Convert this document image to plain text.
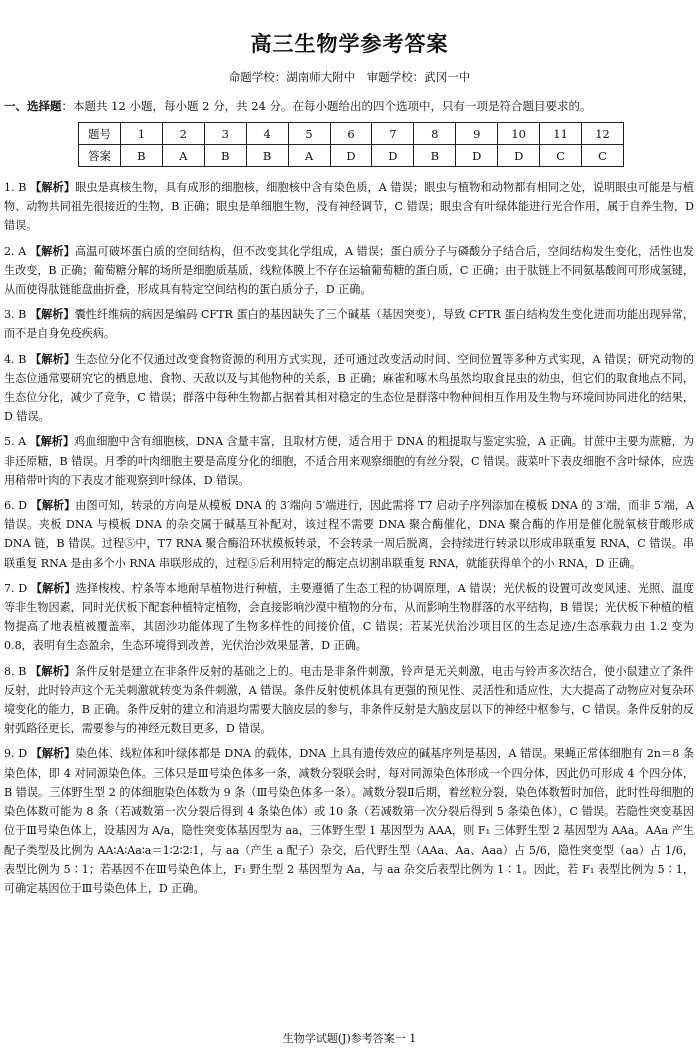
高三生物学参考答案
命题学校：湖南师大附中　审题学校：武冈一中
一、选择题：本题共 12 小题，每小题 2 分，共 24 分。在每小题给出的四个选项中，只有一项是符合题目要求的。
题号	1	2	3	4	5	6	7	8	9	10	11	12
答案	B	A	B	B	A	D	D	B	D	D	C	C
1. B 【解析】眼虫是真核生物，具有成形的细胞核，细胞核中含有染色质，A 错误；眼虫与植物和动物都有相同之处，说明眼虫可能是与植物、动物共同祖先很接近的生物，B 正确；眼虫是单细胞生物，没有神经调节，C 错误；眼虫含有叶绿体能进行光合作用，属于自养生物，D 错误。
2. A 【解析】高温可破坏蛋白质的空间结构，但不改变其化学组成，A 错误；蛋白质分子与磷酸分子结合后，空间结构发生变化，活性也发生改变，B 正确；葡萄糖分解的场所是细胞质基质，线粒体膜上不存在运输葡萄糖的蛋白质，C 正确；由于肽链上不同氨基酸间可形成氢键，从而使得肽链能盘曲折叠，形成具有特定空间结构的蛋白质分子，D 正确。
3. B 【解析】囊性纤维病的病因是编码 CFTR 蛋白的基因缺失了三个碱基（基因突变），导致 CFTR 蛋白结构发生变化进而功能出现异常，而不是自身免疫疾病。
4. B 【解析】生态位分化不仅通过改变食物资源的利用方式实现，还可通过改变活动时间、空间位置等多种方式实现，A 错误；研究动物的生态位通常要研究它的栖息地、食物、天敌以及与其他物种的关系，B 正确；麻雀和啄木鸟虽然均取食昆虫的幼虫，但它们的取食地点不同，生态位分化，减少了竞争，C 错误；群落中每种生物都占据着其相对稳定的生态位是群落中物种间相互作用及生物与环境间协同进化的结果，D 错误。
5. A 【解析】鸡血细胞中含有细胞核，DNA 含量丰富，且取材方便，适合用于 DNA 的粗提取与鉴定实验，A 正确。甘蔗中主要为蔗糖，为非还原糖，B 错误。月季的叶肉细胞主要是高度分化的细胞，不适合用来观察细胞的有丝分裂，C 错误。菠菜叶下表皮细胞不含叶绿体，应选用稍带叶肉的下表皮才能观察到叶绿体，D 错误。
6. D 【解析】由图可知，转录的方向是从模板 DNA 的 3′端向 5′端进行，因此需将 T7 启动子序列添加在模板 DNA 的 3′端，而非 5′端，A 错误。夹板 DNA 与模板 DNA 的杂交属于碱基互补配对，该过程不需要 DNA 聚合酶催化，DNA 聚合酶的作用是催化脱氧核苷酸形成 DNA 链，B 错误。过程⑤中，T7 RNA 聚合酶沿环状模板转录，不会转录一周后脱离，会持续进行转录以形成串联重复 RNA，C 错误。串联重复 RNA 是由多个小 RNA 串联形成的，过程⑤后利用特定的酶定点切割串联重复 RNA，就能获得单个的小 RNA，D 正确。
7. D 【解析】选择梭梭、柠条等本地耐旱植物进行种植，主要遵循了生态工程的协调原理，A 错误；光伏板的设置可改变风速、光照、温度等非生物因素，同时光伏板下配套种植特定植物，会直接影响沙漠中植物的分布，从而影响生物群落的水平结构，B 错误；光伏板下种植的植物提高了地表植被覆盖率，其固沙功能体现了生物多样性的间接价值，C 错误；若某光伏治沙项目区的生态足迹/生态承载力由 1.2 变为 0.8，表明有生态盈余，生态环境得到改善，光伏治沙效果显著，D 正确。
8. B 【解析】条件反射是建立在非条件反射的基础之上的。电击是非条件刺激，铃声是无关刺激，电击与铃声多次结合，使小鼠建立了条件反射，此时铃声这个无关刺激就转变为条件刺激，A 错误。条件反射使机体具有更强的预见性、灵活性和适应性，大大提高了动物应对复杂环境变化的能力，B 正确。条件反射的建立和消退均需要大脑皮层的参与，非条件反射是大脑皮层以下的神经中枢参与，C 错误。条件反射的反射弧路径更长，需要参与的神经元数目更多，D 错误。
9. D 【解析】染色体、线粒体和叶绿体都是 DNA 的载体，DNA 上具有遗传效应的碱基序列是基因，A 错误。果蝇正常体细胞有 2n＝8 条染色体，即 4 对同源染色体。三体只是Ⅲ号染色体多一条，减数分裂联会时，每对同源染色体形成一个四分体，因此仍可形成 4 个四分体，B 错误。三体野生型 2 的体细胞染色体数为 9 条（Ⅲ号染色体多一条）。减数分裂Ⅱ后期，着丝粒分裂，染色体数暂时加倍，此时性母细胞的染色体数可能为 8 条（若减数第一次分裂后得到 4 条染色体）或 10 条（若减数第一次分裂后得到 5 条染色体），C 错误。若隐性突变基因位于Ⅲ号染色体上，设基因为 A/a，隐性突变体基因型为 aa，三体野生型 1 基因型为 AAA，则 F₁ 三体野生型 2 基因型为 AAa。AAa 产生配子类型及比例为 AA∶A∶Aa∶a＝1∶2∶2∶1，与 aa（产生 a 配子）杂交，后代野生型（AAa、Aa、Aaa）占 5/6，隐性突变型（aa）占 1/6，表型比例为 5∶1；若基因不在Ⅲ号染色体上，F₁ 野生型 2 基因型为 Aa，与 aa 杂交后表型比例为 1∶1。因此，若 F₁ 表型比例为 5∶1，可确定基因位于Ⅲ号染色体上，D 正确。
生物学试题(J)参考答案一 1
